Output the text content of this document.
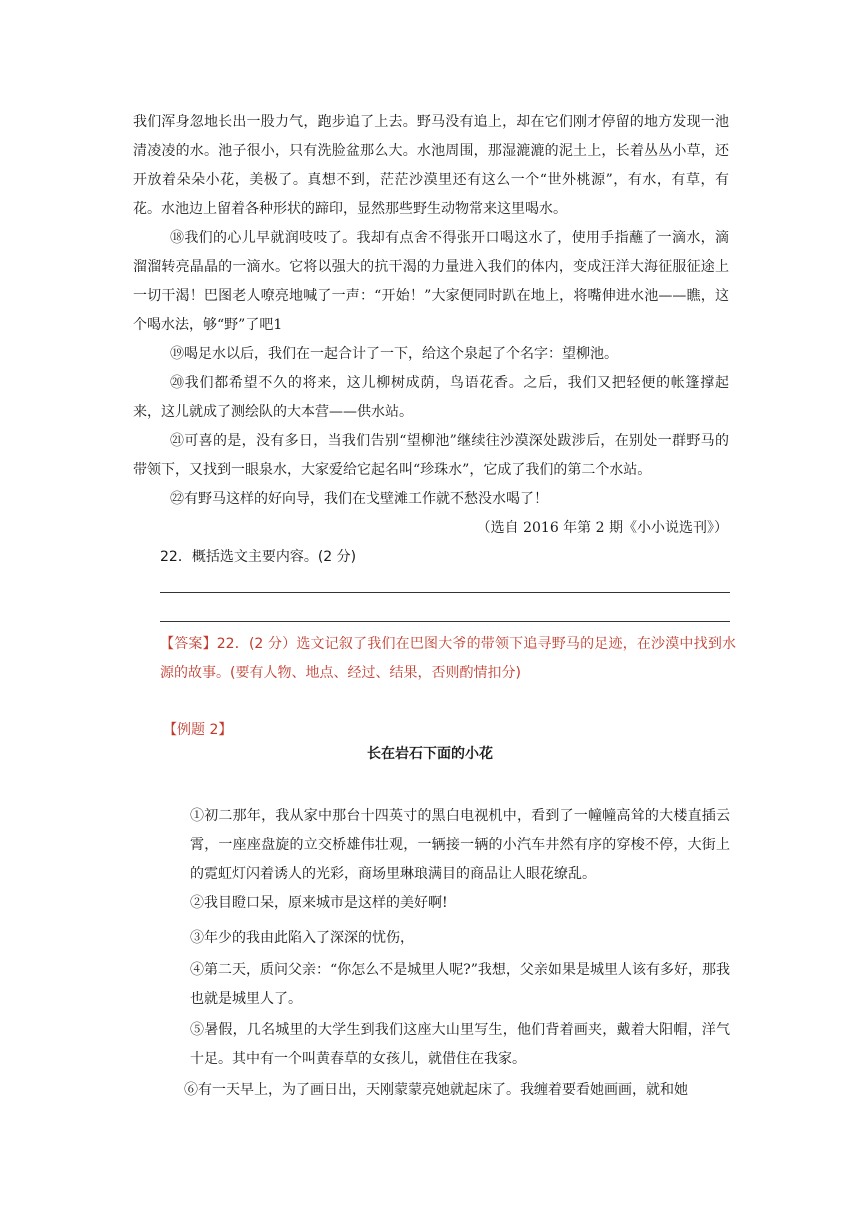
我们浑身忽地长出一股力气，跑步追了上去。野马没有追上，却在它们刚才停留的地方发现一池清凌凌的水。池子很小，只有洗脸盆那么大。水池周围，那湿漉漉的泥土上，长着丛丛小草，还开放着朵朵小花，美极了。真想不到，茫茫沙漠里还有这么一个“世外桃源”，有水，有草，有花。水池边上留着各种形状的蹄印，显然那些野生动物常来这里喝水。

⑱我们的心儿早就润吱吱了。我却有点舍不得张开口喝这水了，使用手指蘸了一滴水，滴溜溜转亮晶晶的一滴水。它将以强大的抗干渴的力量进入我们的体内，变成汪洋大海征服征途上一切干渴！巴图老人嘹亮地喊了一声：“开始！”大家便同时趴在地上，将嘴伸进水池——瞧，这个喝水法，够“野”了吧1

⑲喝足水以后，我们在一起合计了一下，给这个泉起了个名字：望柳池。

⑳我们都希望不久的将来，这儿柳树成荫，鸟语花香。之后，我们又把轻便的帐篷撑起来，这儿就成了测绘队的大本营——供水站。

㉑可喜的是，没有多日，当我们告别“望柳池”继续往沙漠深处跋涉后，在别处一群野马的带领下，又找到一眼泉水，大家爱给它起名叫“珍珠水”，它成了我们的第二个水站。

㉒有野马这样的好向导，我们在戈壁滩工作就不愁没水喝了！

（选自 2016 年第 2 期《小小说选刊》）

22．概括选文主要内容。(2 分)

【答案】22．(2 分）选文记叙了我们在巴图大爷的带领下追寻野马的足迹，在沙漠中找到水源的故事。(要有人物、地点、经过、结果，否则酌情扣分)

【例题 2】

长在岩石下面的小花

①初二那年，我从家中那台十四英寸的黑白电视机中，看到了一幢幢高耸的大楼直插云霄，一座座盘旋的立交桥雄伟壮观，一辆接一辆的小汽车井然有序的穿梭不停，大街上的霓虹灯闪着诱人的光彩，商场里琳琅满目的商品让人眼花缭乱。

②我目瞪口呆，原来城市是这样的美好啊!

③年少的我由此陷入了深深的忧伤，

④第二天，质问父亲：“你怎么不是城里人呢?”我想，父亲如果是城里人该有多好，那我也就是城里人了。

⑤暑假，几名城里的大学生到我们这座大山里写生，他们背着画夹，戴着大阳帽，洋气十足。其中有一个叫黄春草的女孩儿，就借住在我家。

⑥有一天早上，为了画日出，天刚蒙蒙亮她就起床了。我缠着要看她画画，就和她
